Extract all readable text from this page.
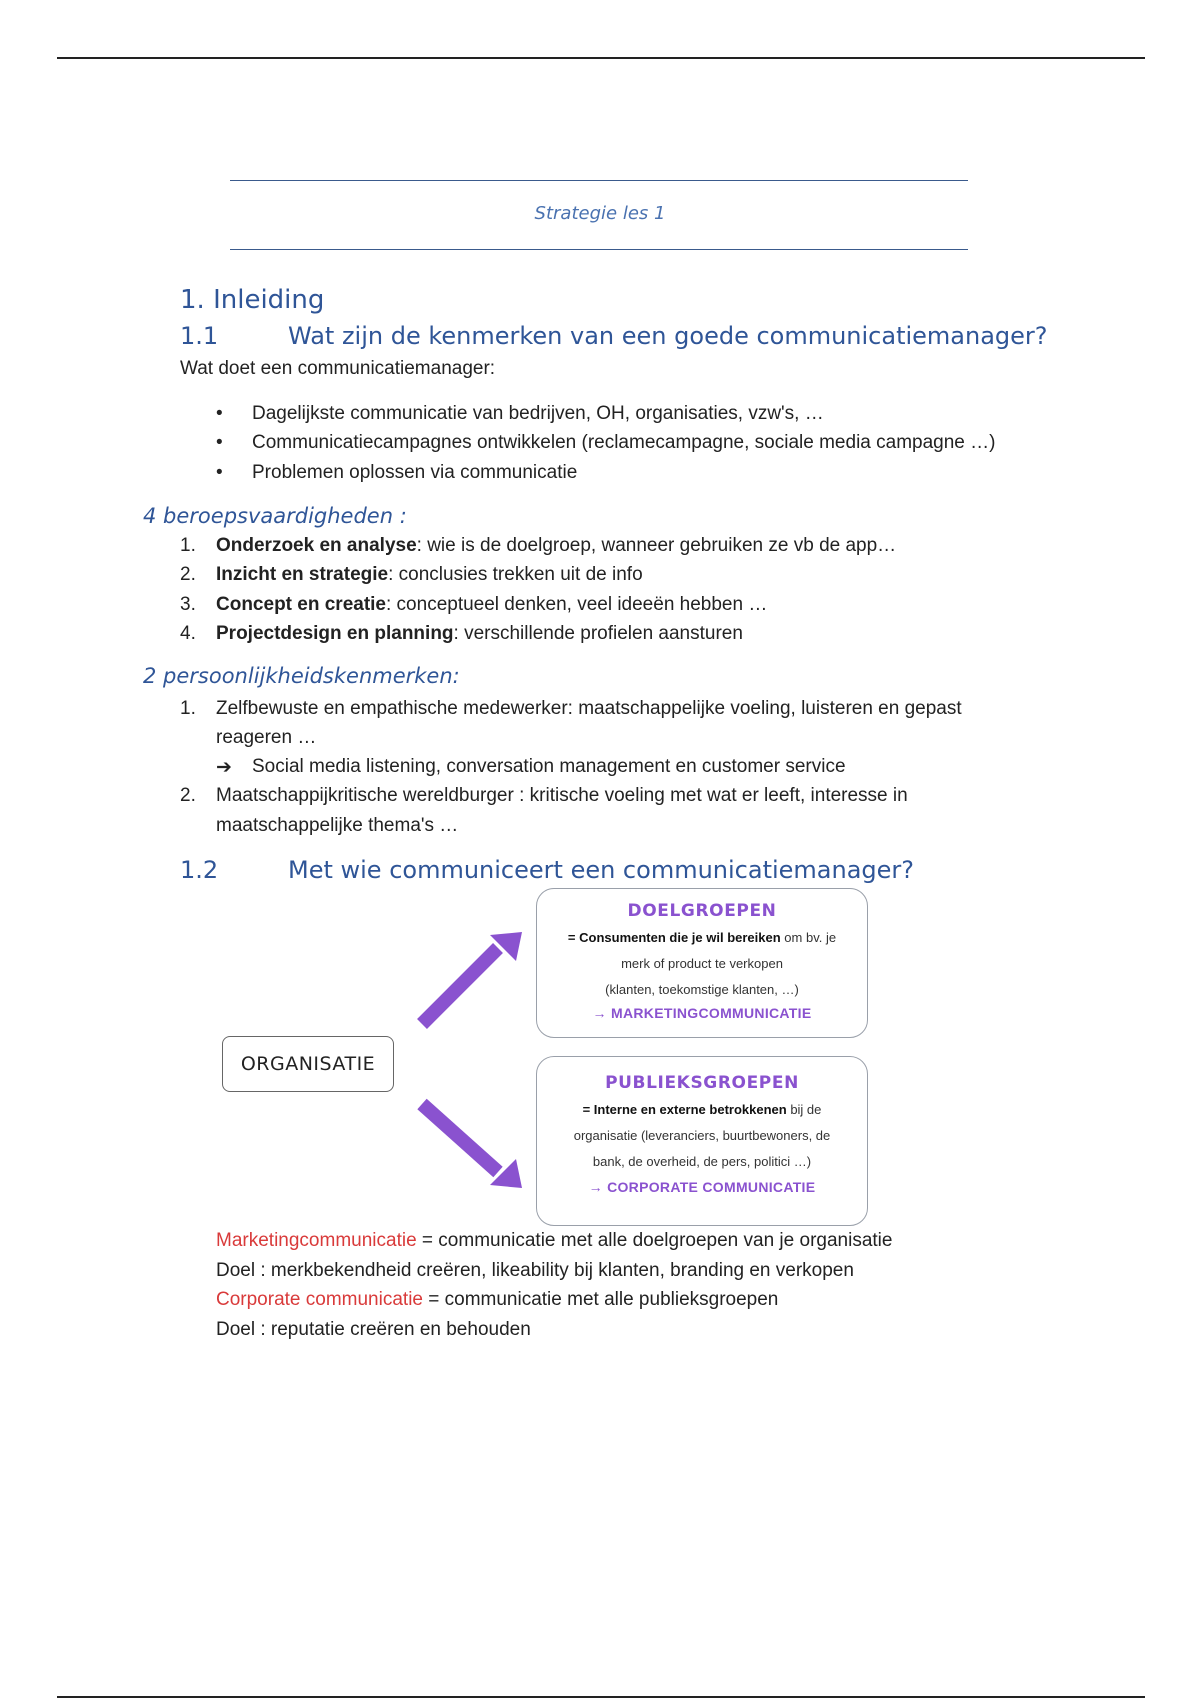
Strategie les 1
1. Inleiding
1.1	Wat zijn de kenmerken van een goede communicatiemanager?
Wat doet een communicatiemanager:
• Dagelijkste communicatie van bedrijven, OH, organisaties, vzw's, …
• Communicatiecampagnes ontwikkelen (reclamecampagne, sociale media campagne …)
• Problemen oplossen via communicatie
4 beroepsvaardigheden :
1. Onderzoek en analyse: wie is de doelgroep, wanneer gebruiken ze vb de app…
2. Inzicht en strategie: conclusies trekken uit de info
3. Concept en creatie: conceptueel denken, veel ideeën hebben …
4. Projectdesign en planning: verschillende profielen aansturen
2 persoonlijkheidskenmerken:
1. Zelfbewuste en empathische medewerker: maatschappelijke voeling, luisteren en gepast
reageren …
➔ Social media listening, conversation management en customer service
2. Maatschappijkritische wereldburger : kritische voeling met wat er leeft, interesse in
maatschappelijke thema's …
1.2	Met wie communiceert een communicatiemanager?
ORGANISATIE
DOELGROEPEN
= Consumenten die je wil bereiken om bv. je
merk of product te verkopen
(klanten, toekomstige klanten, …)
→ MARKETINGCOMMUNICATIE
PUBLIEKSGROEPEN
= Interne en externe betrokkenen bij de
organisatie (leveranciers, buurtbewoners, de
bank, de overheid, de pers, politici …)
→ CORPORATE COMMUNICATIE
Marketingcommunicatie = communicatie met alle doelgroepen van je organisatie
Doel : merkbekendheid creëren, likeability bij klanten, branding en verkopen
Corporate communicatie = communicatie met alle publieksgroepen
Doel : reputatie creëren en behouden
